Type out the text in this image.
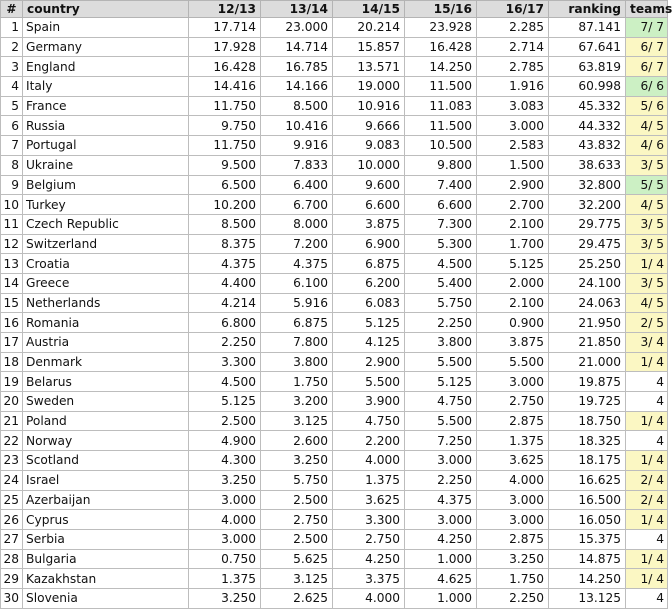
#	country	12/13	13/14	14/15	15/16	16/17	ranking	teams
1	Spain	17.714	23.000	20.214	23.928	2.285	87.141	7/ 7
2	Germany	17.928	14.714	15.857	16.428	2.714	67.641	6/ 7
3	England	16.428	16.785	13.571	14.250	2.785	63.819	6/ 7
4	Italy	14.416	14.166	19.000	11.500	1.916	60.998	6/ 6
5	France	11.750	8.500	10.916	11.083	3.083	45.332	5/ 6
6	Russia	9.750	10.416	9.666	11.500	3.000	44.332	4/ 5
7	Portugal	11.750	9.916	9.083	10.500	2.583	43.832	4/ 6
8	Ukraine	9.500	7.833	10.000	9.800	1.500	38.633	3/ 5
9	Belgium	6.500	6.400	9.600	7.400	2.900	32.800	5/ 5
10	Turkey	10.200	6.700	6.600	6.600	2.700	32.200	4/ 5
11	Czech Republic	8.500	8.000	3.875	7.300	2.100	29.775	3/ 5
12	Switzerland	8.375	7.200	6.900	5.300	1.700	29.475	3/ 5
13	Croatia	4.375	4.375	6.875	4.500	5.125	25.250	1/ 4
14	Greece	4.400	6.100	6.200	5.400	2.000	24.100	3/ 5
15	Netherlands	4.214	5.916	6.083	5.750	2.100	24.063	4/ 5
16	Romania	6.800	6.875	5.125	2.250	0.900	21.950	2/ 5
17	Austria	2.250	7.800	4.125	3.800	3.875	21.850	3/ 4
18	Denmark	3.300	3.800	2.900	5.500	5.500	21.000	1/ 4
19	Belarus	4.500	1.750	5.500	5.125	3.000	19.875	4
20	Sweden	5.125	3.200	3.900	4.750	2.750	19.725	4
21	Poland	2.500	3.125	4.750	5.500	2.875	18.750	1/ 4
22	Norway	4.900	2.600	2.200	7.250	1.375	18.325	4
23	Scotland	4.300	3.250	4.000	3.000	3.625	18.175	1/ 4
24	Israel	3.250	5.750	1.375	2.250	4.000	16.625	2/ 4
25	Azerbaijan	3.000	2.500	3.625	4.375	3.000	16.500	2/ 4
26	Cyprus	4.000	2.750	3.300	3.000	3.000	16.050	1/ 4
27	Serbia	3.000	2.500	2.750	4.250	2.875	15.375	4
28	Bulgaria	0.750	5.625	4.250	1.000	3.250	14.875	1/ 4
29	Kazakhstan	1.375	3.125	3.375	4.625	1.750	14.250	1/ 4
30	Slovenia	3.250	2.625	4.000	1.000	2.250	13.125	4
